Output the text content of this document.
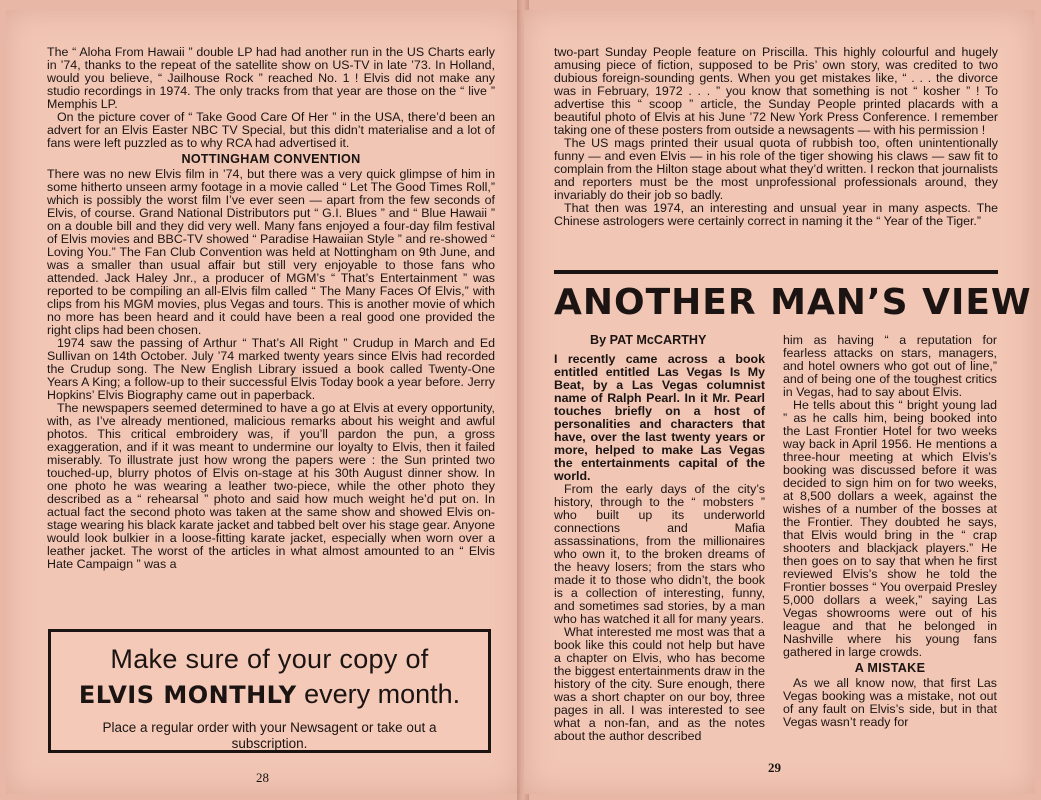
The “ Aloha From Hawaii ” double LP had had another run in the US Charts early in ’74, thanks to the repeat of the satellite show on US-TV in late ’73. In Holland, would you believe, “ Jailhouse Rock ” reached No. 1 ! Elvis did not make any studio recordings in 1974. The only tracks from that year are those on the “ live ” Memphis LP.

On the picture cover of “ Take Good Care Of Her ” in the USA, there’d been an advert for an Elvis Easter NBC TV Special, but this didn’t materialise and a lot of fans were left puzzled as to why RCA had advertised it.

NOTTINGHAM CONVENTION

There was no new Elvis film in ’74, but there was a very quick glimpse of him in some hitherto unseen army footage in a movie called “ Let The Good Times Roll,” which is possibly the worst film I’ve ever seen — apart from the few seconds of Elvis, of course. Grand National Distributors put “ G.I. Blues ” and “ Blue Hawaii ” on a double bill and they did very well. Many fans enjoyed a four-day film festival of Elvis movies and BBC-TV showed “ Paradise Hawaiian Style ” and re-showed “ Loving You.” The Fan Club Convention was held at Nottingham on 9th June, and was a smaller than usual affair but still very enjoyable to those fans who attended. Jack Haley Jnr., a producer of MGM’s “ That’s Entertainment ” was reported to be compiling an all-Elvis film called “ The Many Faces Of Elvis,” with clips from his MGM movies, plus Vegas and tours. This is another movie of which no more has been heard and it could have been a real good one provided the right clips had been chosen.

1974 saw the passing of Arthur “ That’s All Right ” Crudup in March and Ed Sullivan on 14th October. July ’74 marked twenty years since Elvis had recorded the Crudup song. The New English Library issued a book called Twenty-One Years A King; a follow-up to their successful Elvis Today book a year before. Jerry Hopkins’ Elvis Biography came out in paperback.

The newspapers seemed determined to have a go at Elvis at every opportunity, with, as I’ve already mentioned, malicious remarks about his weight and awful photos. This critical embroidery was, if you’ll pardon the pun, a gross exaggeration, and if it was meant to undermine our loyalty to Elvis, then it failed miserably. To illustrate just how wrong the papers were : the Sun printed two touched-up, blurry photos of Elvis on-stage at his 30th August dinner show. In one photo he was wearing a leather two-piece, while the other photo they described as a “ rehearsal ” photo and said how much weight he’d put on. In actual fact the second photo was taken at the same show and showed Elvis on-stage wearing his black karate jacket and tabbed belt over his stage gear. Anyone would look bulkier in a loose-fitting karate jacket, especially when worn over a leather jacket. The worst of the articles in what almost amounted to an “ Elvis Hate Campaign ” was a

Make sure of your copy of
ELVIS MONTHLY every month.
Place a regular order with your Newsagent or take out a subscription.
28

two-part Sunday People feature on Priscilla. This highly colourful and hugely amusing piece of fiction, supposed to be Pris’ own story, was credited to two dubious foreign-sounding gents. When you get mistakes like, “ . . . the divorce was in February, 1972 . . . ” you know that something is not “ kosher ” ! To advertise this “ scoop ” article, the Sunday People printed placards with a beautiful photo of Elvis at his June ’72 New York Press Conference. I remember taking one of these posters from outside a newsagents — with his permission !

The US mags printed their usual quota of rubbish too, often unintentionally funny — and even Elvis — in his role of the tiger showing his claws — saw fit to complain from the Hilton stage about what they’d written. I reckon that journalists and reporters must be the most unprofessional professionals around, they invariably do their job so badly.

That then was 1974, an interesting and unsual year in many aspects. The Chinese astrologers were certainly correct in naming it the “ Year of the Tiger.”

ANOTHER MAN’S VIEW
By PAT McCARTHY

I recently came across a book entitled entitled Las Vegas Is My Beat, by a Las Vegas columnist name of Ralph Pearl. In it Mr. Pearl touches briefly on a host of personalities and characters that have, over the last twenty years or more, helped to make Las Vegas the entertainments capital of the world.

From the early days of the city’s history, through to the “ mobsters ” who built up its underworld connections and Mafia assassinations, from the millionaires who own it, to the broken dreams of the heavy losers; from the stars who made it to those who didn’t, the book is a collection of interesting, funny, and sometimes sad stories, by a man who has watched it all for many years.

What interested me most was that a book like this could not help but have a chapter on Elvis, who has become the biggest entertainments draw in the history of the city. Sure enough, there was a short chapter on our boy, three pages in all. I was interested to see what a non-fan, and as the notes about the author described

him as having “ a reputation for fearless attacks on stars, managers, and hotel owners who got out of line,” and of being one of the toughest critics in Vegas, had to say about Elvis.

He tells about this “ bright young lad ” as he calls him, being booked into the Last Frontier Hotel for two weeks way back in April 1956. He mentions a three-hour meeting at which Elvis’s booking was discussed before it was decided to sign him on for two weeks, at 8,500 dollars a week, against the wishes of a number of the bosses at the Frontier. They doubted he says, that Elvis would bring in the “ crap shooters and blackjack players.” He then goes on to say that when he first reviewed Elvis’s show he told the Frontier bosses “ You overpaid Presley 5,000 dollars a week,” saying Las Vegas showrooms were out of his league and that he belonged in Nashville where his young fans gathered in large crowds.

A MISTAKE

As we all know now, that first Las Vegas booking was a mistake, not out of any fault on Elvis’s side, but in that Vegas wasn’t ready for

29
